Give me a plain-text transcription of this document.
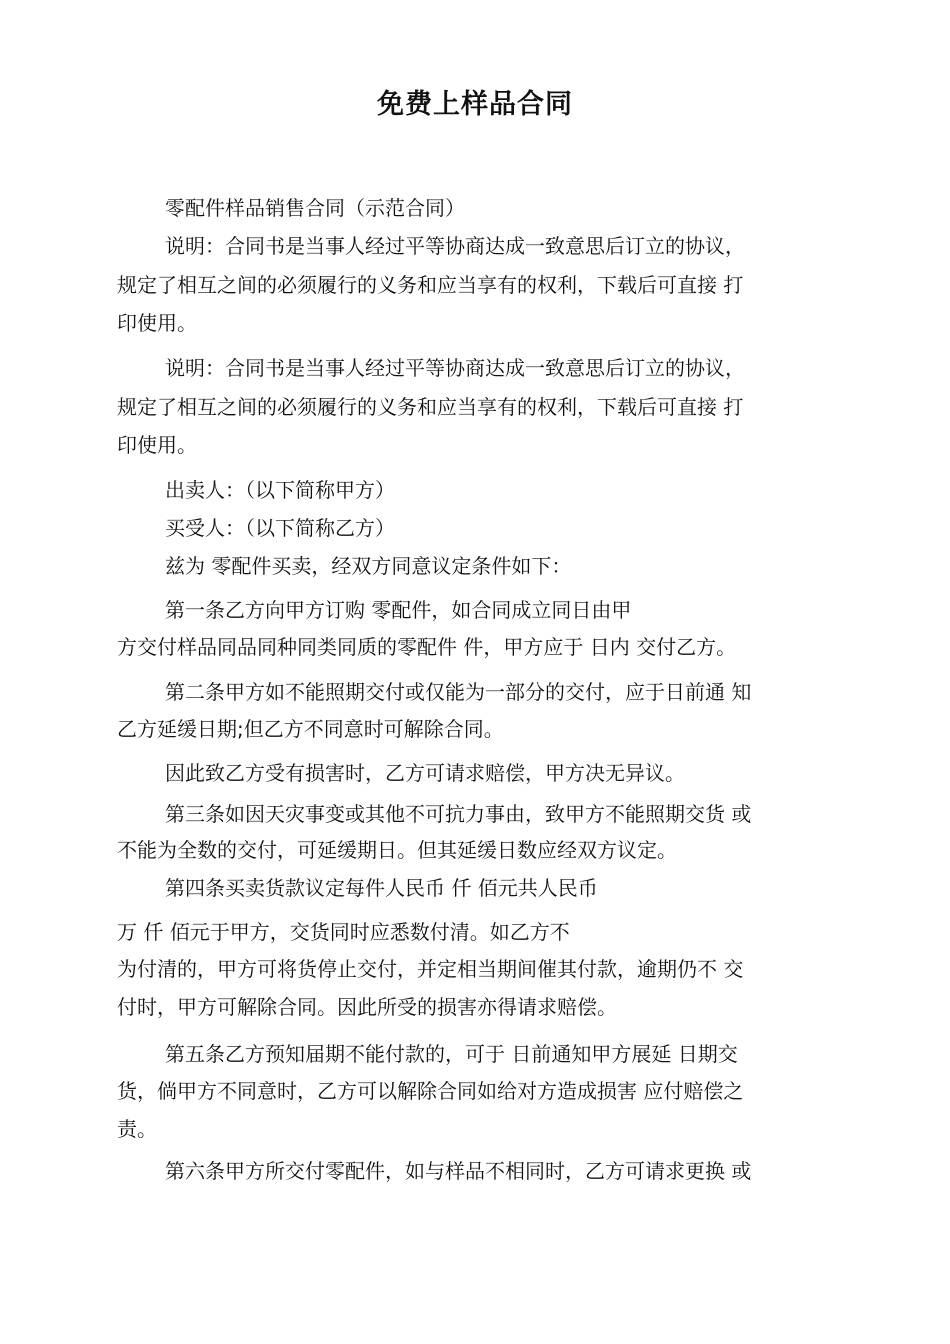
免费上样品合同
零配件样品销售合同（示范合同）
说明：合同书是当事人经过平等协商达成一致意思后订立的协议，
规定了相互之间的必须履行的义务和应当享有的权利，下载后可直接 打
印使用。
说明：合同书是当事人经过平等协商达成一致意思后订立的协议，
规定了相互之间的必须履行的义务和应当享有的权利，下载后可直接 打
印使用。
出卖人：（以下简称甲方）
买受人：（以下简称乙方）
兹为 零配件买卖，经双方同意议定条件如下：
第一条乙方向甲方订购 零配件，如合同成立同日由甲
方交付样品同品同种同类同质的零配件 件，甲方应于 日内 交付乙方。
第二条甲方如不能照期交付或仅能为一部分的交付，应于日前通 知
乙方延缓日期;但乙方不同意时可解除合同。
因此致乙方受有损害时，乙方可请求赔偿，甲方决无异议。
第三条如因天灾事变或其他不可抗力事由，致甲方不能照期交货 或
不能为全数的交付，可延缓期日。但其延缓日数应经双方议定。
第四条买卖货款议定每件人民币 仟 佰元共人民币
万 仟 佰元于甲方，交货同时应悉数付清。如乙方不
为付清的，甲方可将货停止交付，并定相当期间催其付款，逾期仍不 交
付时，甲方可解除合同。因此所受的损害亦得请求赔偿。
第五条乙方预知届期不能付款的，可于 日前通知甲方展延 日期交
货，倘甲方不同意时，乙方可以解除合同如给对方造成损害 应付赔偿之
责。
第六条甲方所交付零配件，如与样品不相同时，乙方可请求更换 或
